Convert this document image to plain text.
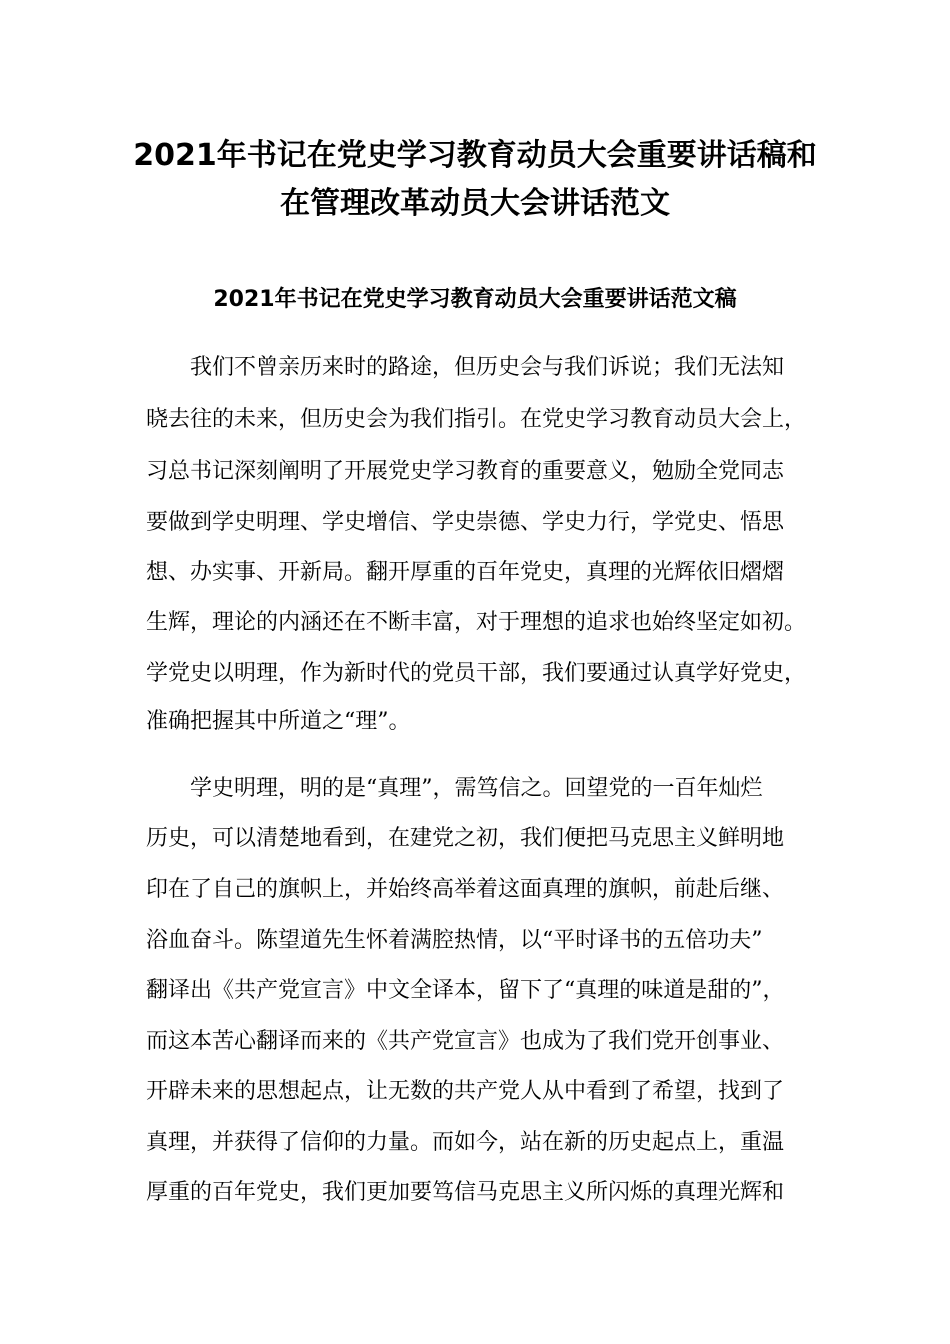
2021年书记在党史学习教育动员大会重要讲话稿和
在管理改革动员大会讲话范文
2021年书记在党史学习教育动员大会重要讲话范文稿

我们不曾亲历来时的路途，但历史会与我们诉说；我们无法知

晓去往的未来，但历史会为我们指引。在党史学习教育动员大会上，

习总书记深刻阐明了开展党史学习教育的重要意义，勉励全党同志

要做到学史明理、学史增信、学史崇德、学史力行，学党史、悟思

想、办实事、开新局。翻开厚重的百年党史，真理的光辉依旧熠熠

生辉，理论的内涵还在不断丰富，对于理想的追求也始终坚定如初。

学党史以明理，作为新时代的党员干部，我们要通过认真学好党史，

准确把握其中所道之“理”。

学史明理，明的是“真理”，需笃信之。回望党的一百年灿烂

历史，可以清楚地看到，在建党之初，我们便把马克思主义鲜明地

印在了自己的旗帜上，并始终高举着这面真理的旗帜，前赴后继、

浴血奋斗。陈望道先生怀着满腔热情，以“平时译书的五倍功夫”

翻译出《共产党宣言》中文全译本，留下了“真理的味道是甜的”，

而这本苦心翻译而来的《共产党宣言》也成为了我们党开创事业、

开辟未来的思想起点，让无数的共产党人从中看到了希望，找到了

真理，并获得了信仰的力量。而如今，站在新的历史起点上，重温

厚重的百年党史，我们更加要笃信马克思主义所闪烁的真理光辉和
